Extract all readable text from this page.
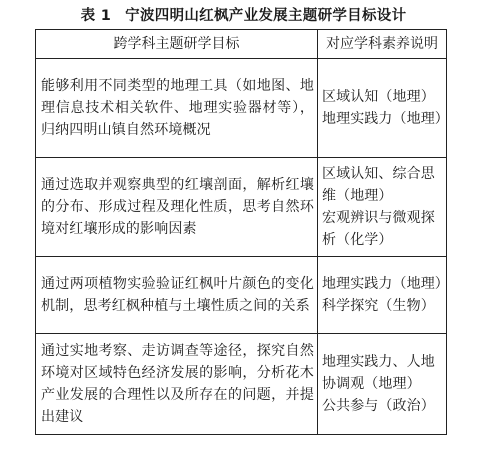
表 1 宁波四明山红枫产业发展主题研学目标设计
跨学科主题研学目标	对应学科素养说明
能够利用不同类型的地理工具（如地图、地理信息技术相关软件、地理实验器材等），归纳四明山镇自然环境概况	区域认知（地理）
地理实践力（地理）

通过选取并观察典型的红壤剖面，解析红壤的分布、形成过程及理化性质，思考自然环境对红壤形成的影响因素	区域认知、综合思维（地理）
宏观辨识与微观探析（化学）

通过两项植物实验验证红枫叶片颜色的变化机制，思考红枫种植与土壤性质之间的关系	地理实践力（地理）
科学探究（生物）

通过实地考察、走访调查等途径，探究自然环境对区域特色经济发展的影响，分析花木产业发展的合理性以及所存在的问题，并提出建议	地理实践力、人地协调观（地理）
公共参与（政治）
